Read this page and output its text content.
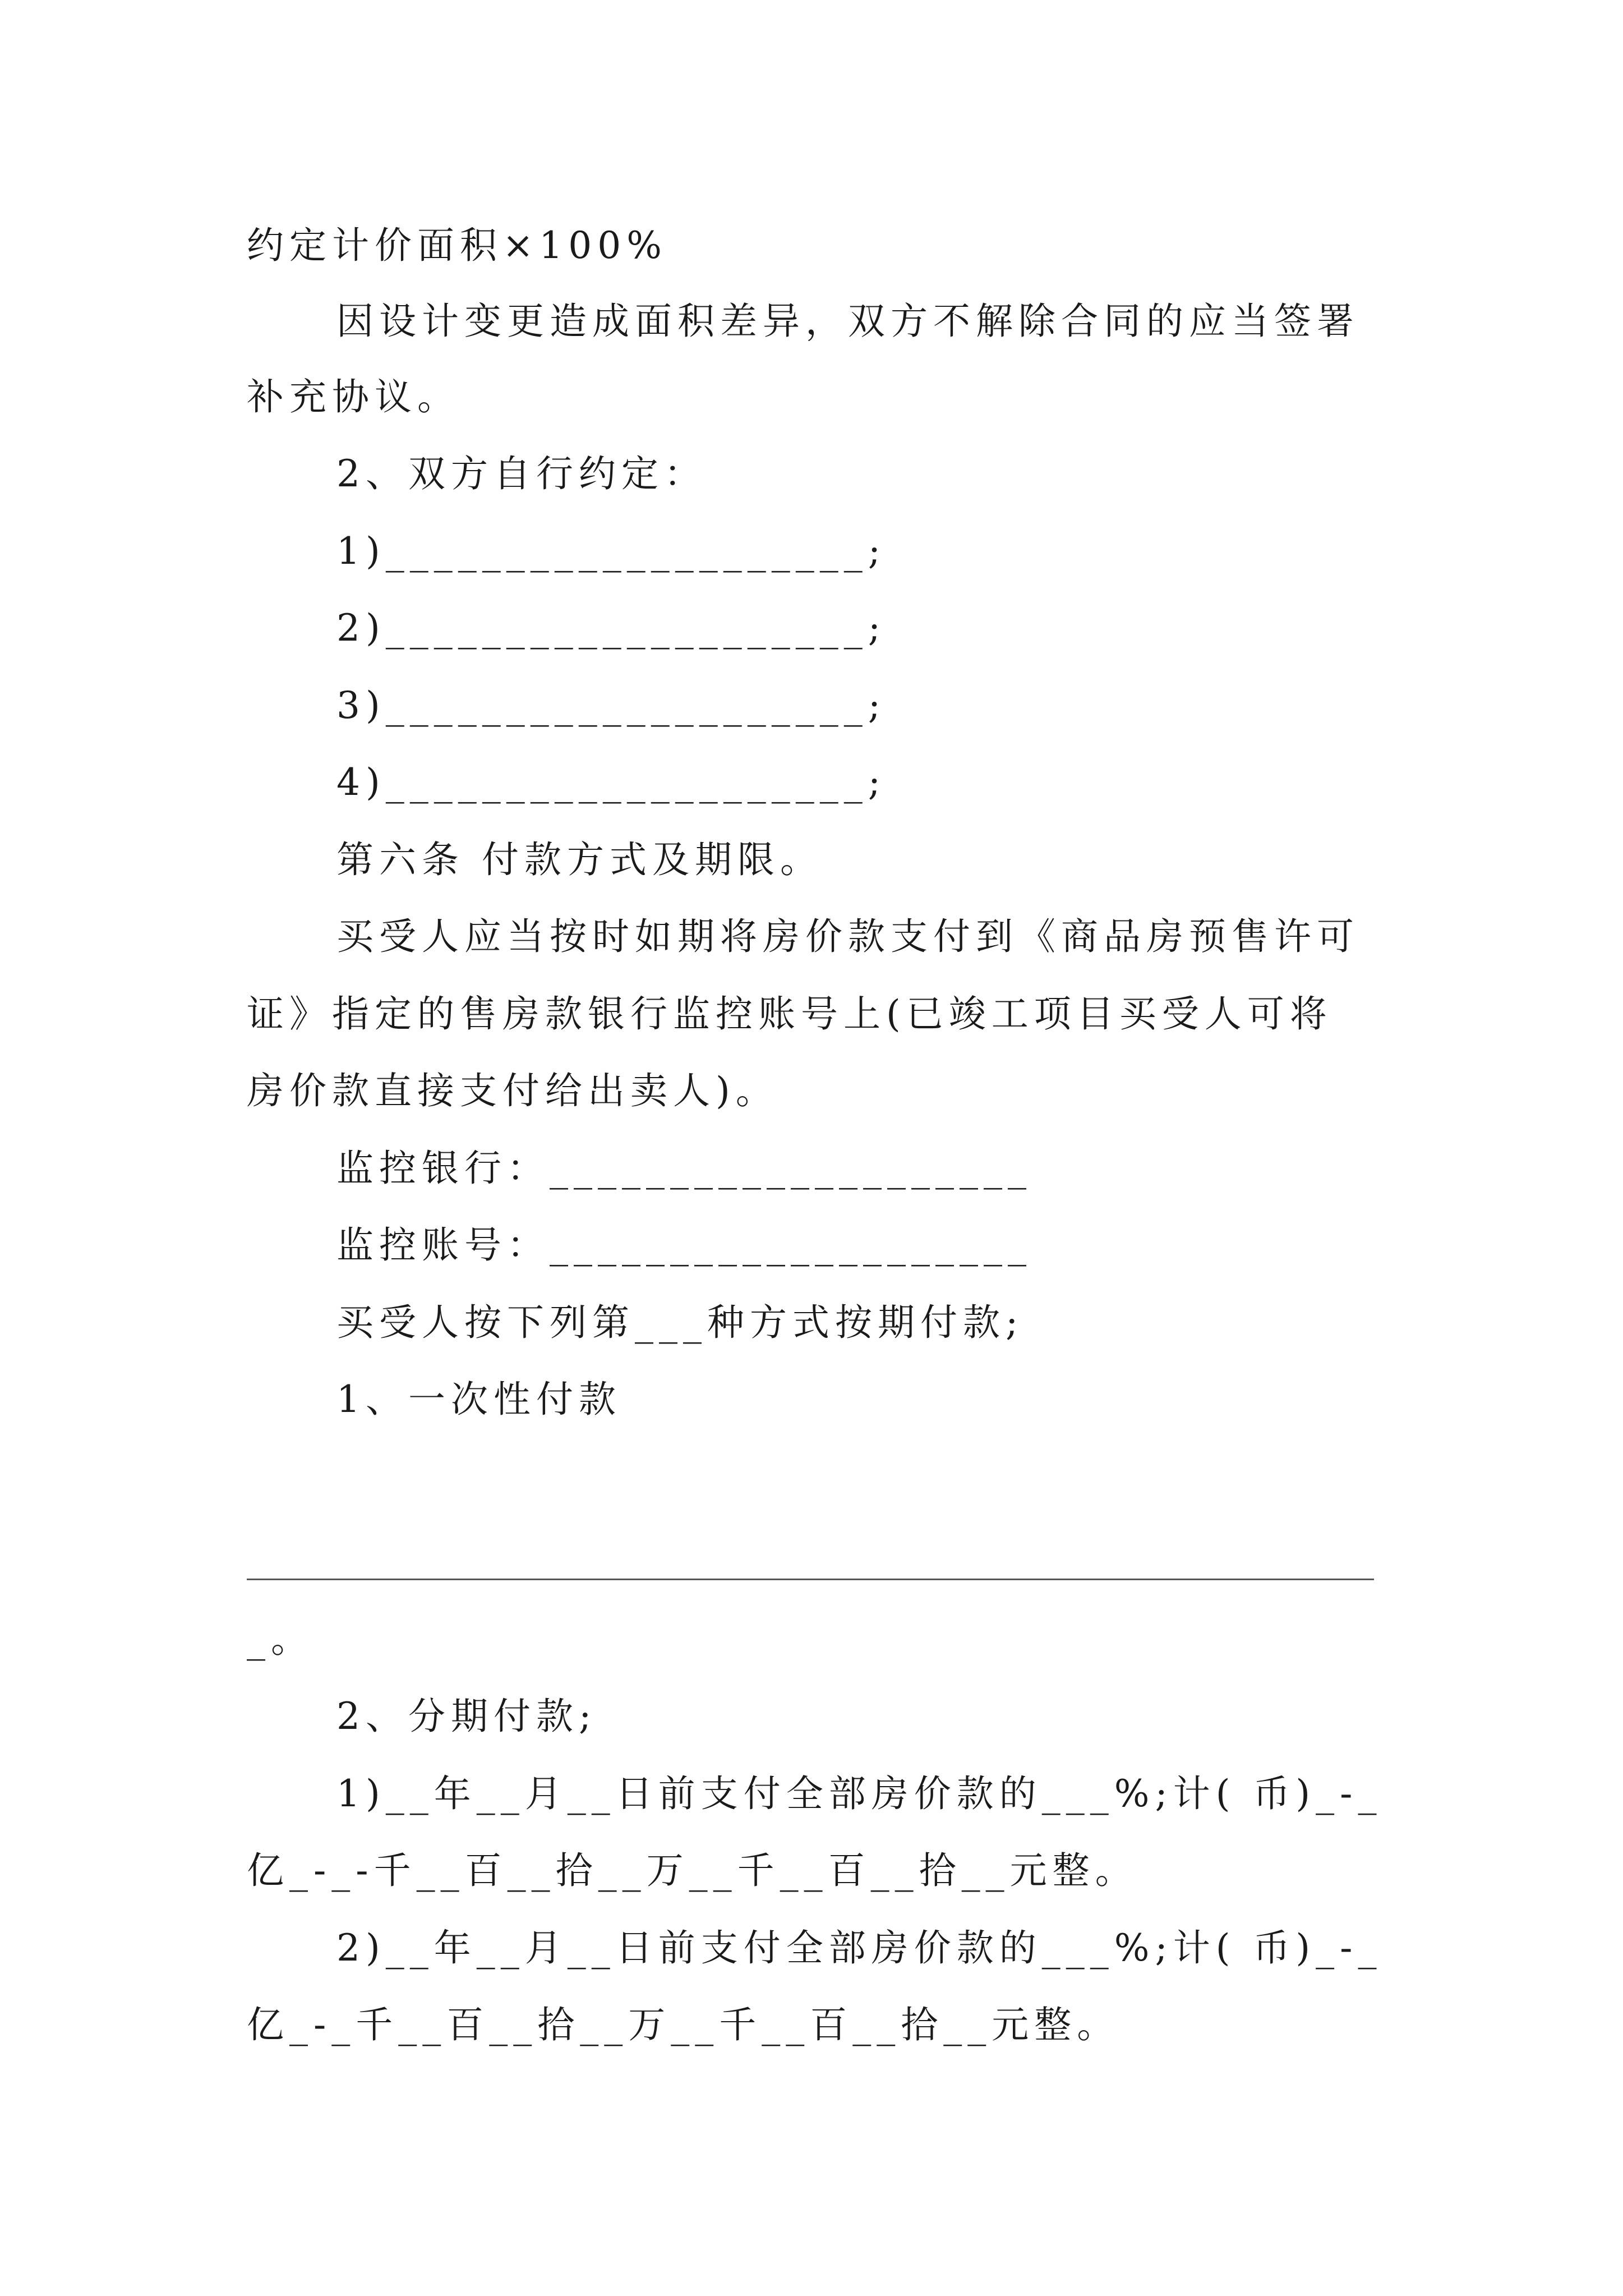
约定计价面积×100%
因设计变更造成面积差异，双方不解除合同的应当签署
补充协议。
2、双方自行约定：
1)____________________;
2)____________________;
3)____________________;
4)____________________;
第六条 付款方式及期限。
买受人应当按时如期将房价款支付到《商品房预售许可
证》指定的售房款银行监控账号上(已竣工项目买受人可将
房价款直接支付给出卖人)。
监控银行：____________________
监控账号：____________________
买受人按下列第___种方式按期付款;
1、一次性付款
_。
2、分期付款;
1)__年__月__日前支付全部房价款的___%;计( 币)_-_
亿_-_-千__百__拾__万__千__百__拾__元整。
2)__年__月__日前支付全部房价款的___%;计( 币)_-_
亿_-_千__百__拾__万__千__百__拾__元整。
